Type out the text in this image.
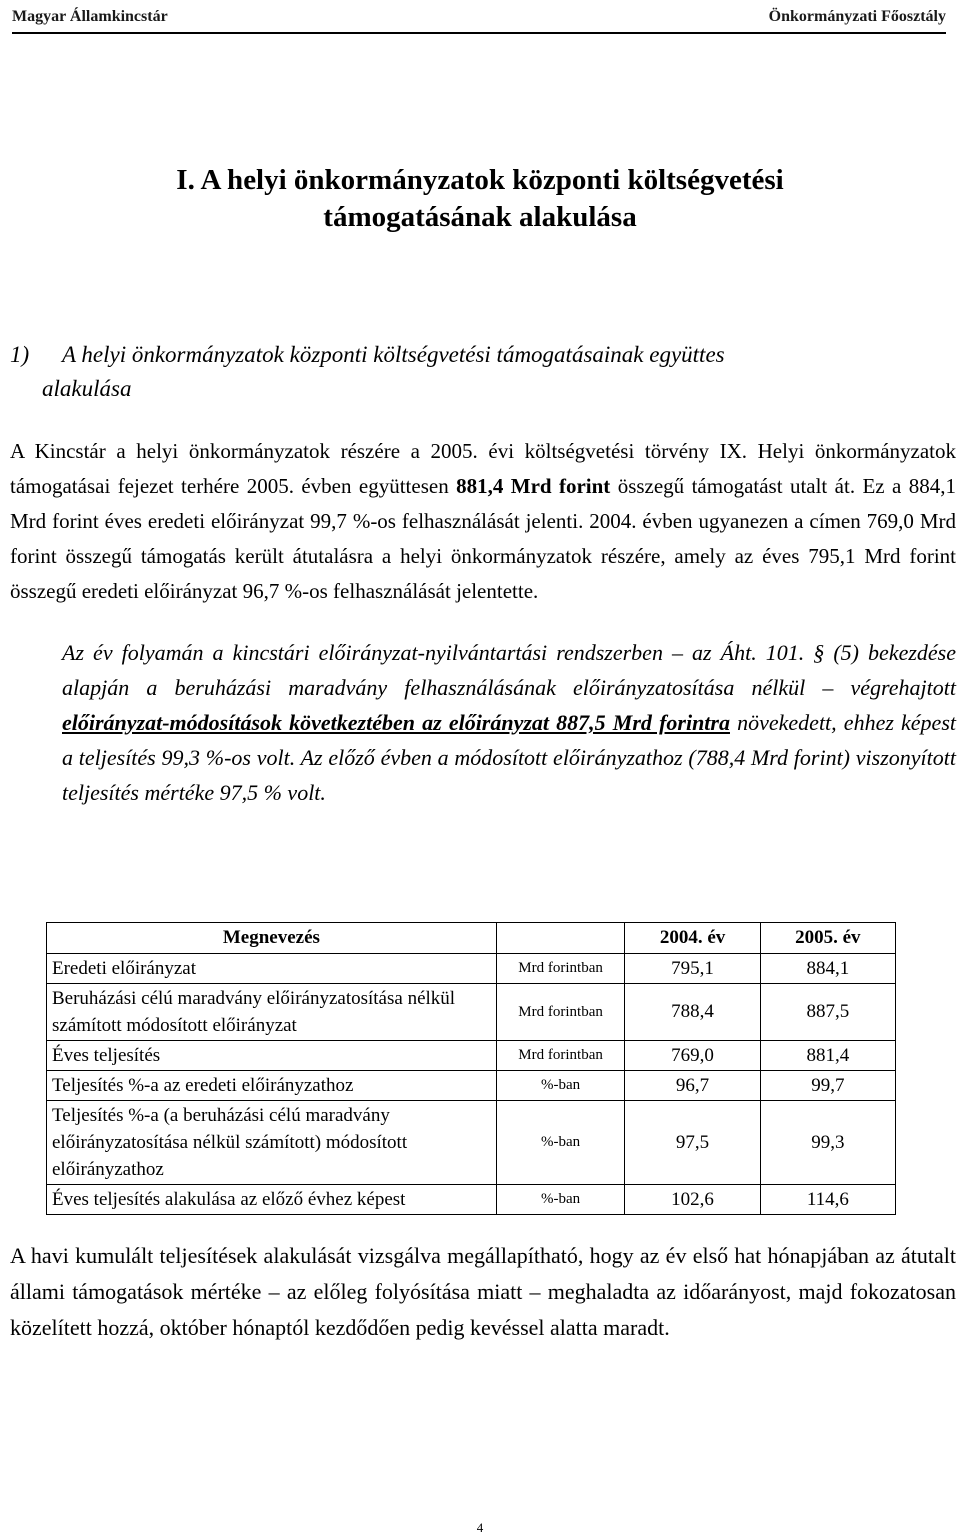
Magyar Államkincstár	Önkormányzati Főosztály
I. A helyi önkormányzatok központi költségvetési
támogatásának alakulása
1) A helyi önkormányzatok központi költségvetési támogatásainak együttes
alakulása
A Kincstár a helyi önkormányzatok részére a 2005. évi költségvetési törvény IX. Helyi önkormányzatok támogatásai fejezet terhére 2005. évben együttesen 881,4 Mrd forint összegű támogatást utalt át. Ez a 884,1 Mrd forint éves eredeti előirányzat 99,7 %-os felhasználását jelenti. 2004. évben ugyanezen a címen 769,0 Mrd forint összegű támogatás került átutalásra a helyi önkormányzatok részére, amely az éves 795,1 Mrd forint összegű eredeti előirányzat 96,7 %-os felhasználását jelentette.
Az év folyamán a kincstári előirányzat-nyilvántartási rendszerben – az Áht. 101. § (5) bekezdése alapján a beruházási maradvány felhasználásának előirányzatosítása nélkül – végrehajtott előirányzat-módosítások következtében az előirányzat 887,5 Mrd forintra növekedett, ehhez képest a teljesítés 99,3 %-os volt. Az előző évben a módosított előirányzathoz (788,4 Mrd forint) viszonyított teljesítés mértéke 97,5 % volt.
Megnevezés		2004. év	2005. év
Eredeti előirányzat	Mrd forintban	795,1	884,1
Beruházási célú maradvány előirányzatosítása nélkül számított módosított előirányzat	Mrd forintban	788,4	887,5
Éves teljesítés	Mrd forintban	769,0	881,4
Teljesítés %-a az eredeti előirányzathoz	%-ban	96,7	99,7
Teljesítés %-a (a beruházási célú maradvány előirányzatosítása nélkül számított) módosított előirányzathoz	%-ban	97,5	99,3
Éves teljesítés alakulása az előző évhez képest	%-ban	102,6	114,6
A havi kumulált teljesítések alakulását vizsgálva megállapítható, hogy az év első hat hónapjában az átutalt állami támogatások mértéke – az előleg folyósítása miatt – meghaladta az időarányost, majd fokozatosan közelített hozzá, október hónaptól kezdődően pedig kevéssel alatta maradt.
4
